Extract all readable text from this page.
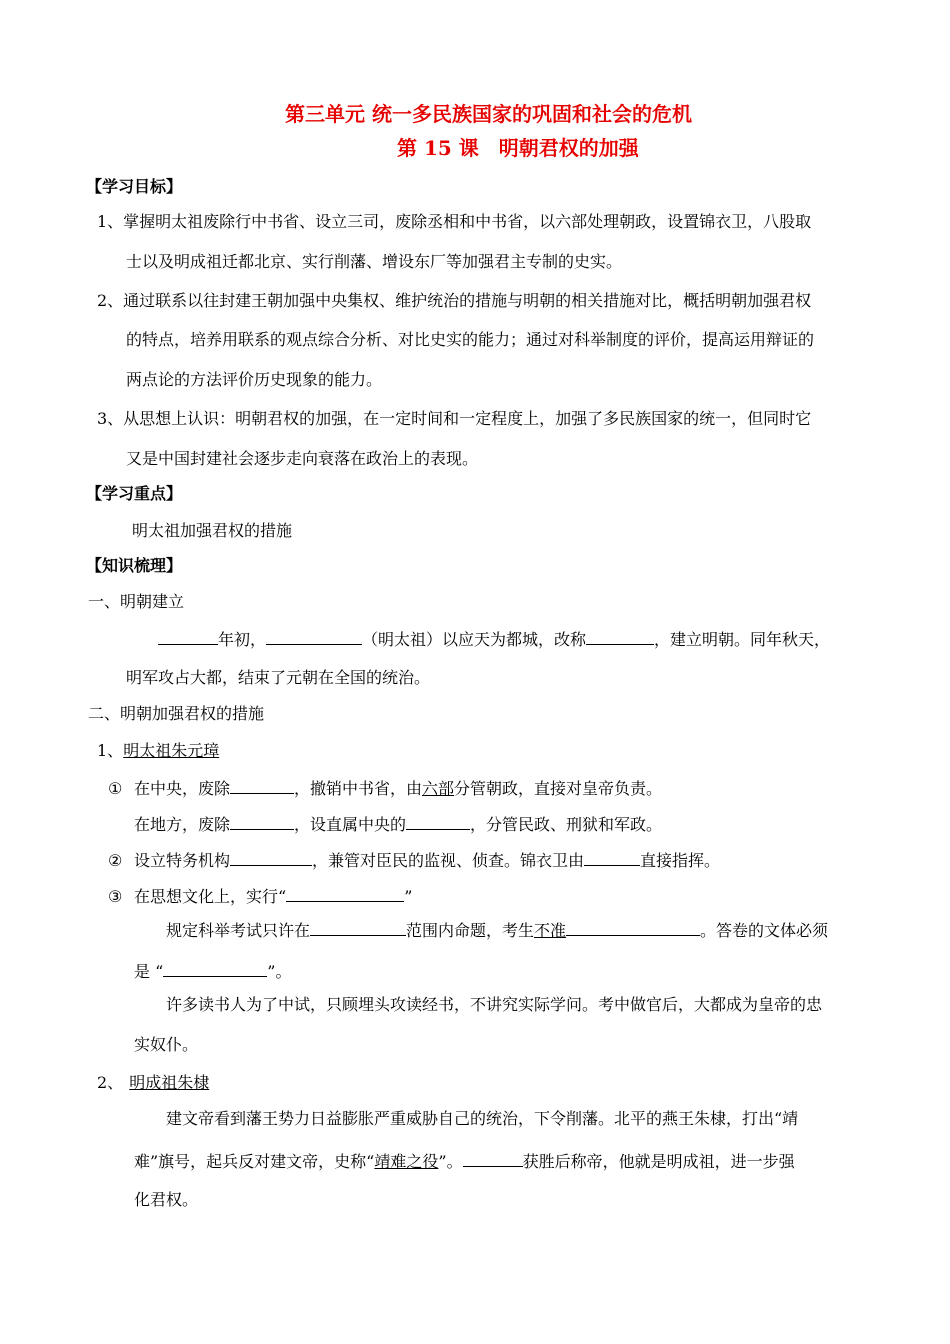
第三单元 统一多民族国家的巩固和社会的危机
第 15 课　明朝君权的加强
【学习目标】
1、掌握明太祖废除行中书省、设立三司，废除丞相和中书省，以六部处理朝政，设置锦衣卫，八股取
士以及明成祖迁都北京、实行削藩、增设东厂等加强君主专制的史实。
2、通过联系以往封建王朝加强中央集权、维护统治的措施与明朝的相关措施对比，概括明朝加强君权
的特点，培养用联系的观点综合分析、对比史实的能力；通过对科举制度的评价，提高运用辩证的
两点论的方法评价历史现象的能力。
3、从思想上认识：明朝君权的加强，在一定时间和一定程度上，加强了多民族国家的统一，但同时它
又是中国封建社会逐步走向衰落在政治上的表现。
【学习重点】
明太祖加强君权的措施
【知识梳理】
一、明朝建立
年初，	（明太祖）以应天为都城，改称	，建立明朝。同年秋天，
明军攻占大都，结束了元朝在全国的统治。
二、明朝加强君权的措施
1、明太祖朱元璋
① 在中央，废除	，撤销中书省，由六部分管朝政，直接对皇帝负责。
在地方，废除	，设直属中央的	，分管民政、刑狱和军政。
② 设立特务机构	，兼管对臣民的监视、侦查。锦衣卫由	直接指挥。
③ 在思想文化上，实行“	”
规定科举考试只许在	范围内命题，考生不准	。答卷的文体必须
是 “	”。
许多读书人为了中试，只顾埋头攻读经书，不讲究实际学问。考中做官后，大都成为皇帝的忠
实奴仆。
2、 明成祖朱棣
建文帝看到藩王势力日益膨胀严重威胁自己的统治，下令削藩。北平的燕王朱棣，打出“靖
难”旗号，起兵反对建文帝，史称“靖难之役”。	获胜后称帝，他就是明成祖，进一步强
化君权。
